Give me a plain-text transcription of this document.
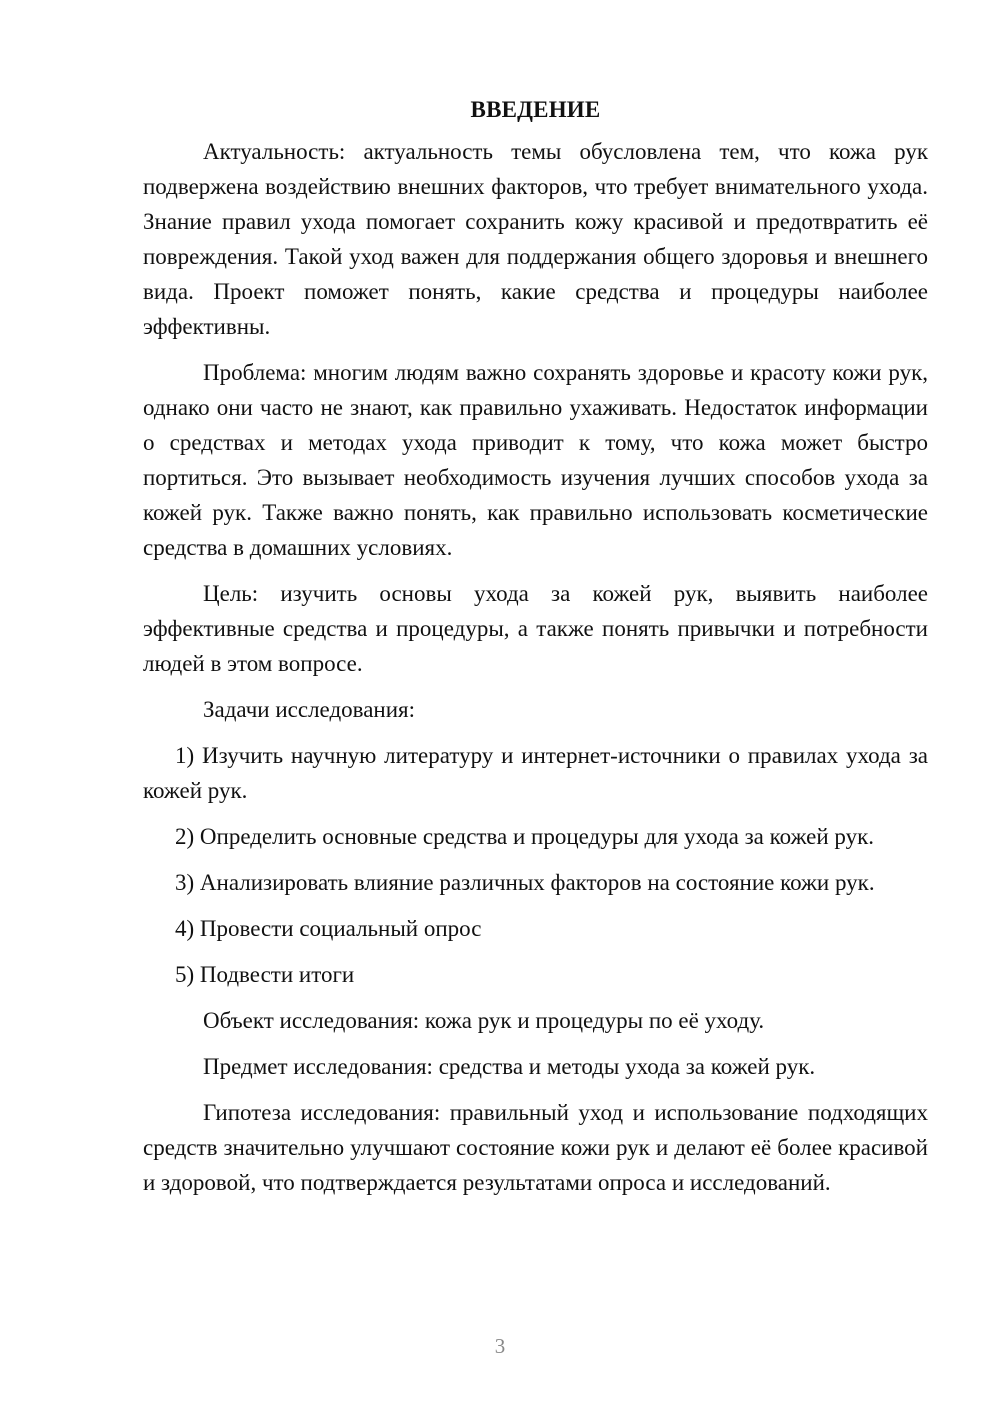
ВВЕДЕНИЕ

Актуальность: актуальность темы обусловлена тем, что кожа рук подвержена воздействию внешних факторов, что требует внимательного ухода. Знание правил ухода помогает сохранить кожу красивой и предотвратить её повреждения. Такой уход важен для поддержания общего здоровья и внешнего вида. Проект поможет понять, какие средства и процедуры наиболее эффективны.

Проблема: многим людям важно сохранять здоровье и красоту кожи рук, однако они часто не знают, как правильно ухаживать. Недостаток информации о средствах и методах ухода приводит к тому, что кожа может быстро портиться. Это вызывает необходимость изучения лучших способов ухода за кожей рук. Также важно понять, как правильно использовать косметические средства в домашних условиях.

Цель: изучить основы ухода за кожей рук, выявить наиболее эффективные средства и процедуры, а также понять привычки и потребности людей в этом вопросе.

Задачи исследования:

1) Изучить научную литературу и интернет-источники о правилах ухода за кожей рук.

2) Определить основные средства и процедуры для ухода за кожей рук.

3) Анализировать влияние различных факторов на состояние кожи рук.

4) Провести социальный опрос

5) Подвести итоги

Объект исследования: кожа рук и процедуры по её уходу.

Предмет исследования: средства и методы ухода за кожей рук.

Гипотеза исследования: правильный уход и использование подходящих средств значительно улучшают состояние кожи рук и делают её более красивой и здоровой, что подтверждается результатами опроса и исследований.

3
